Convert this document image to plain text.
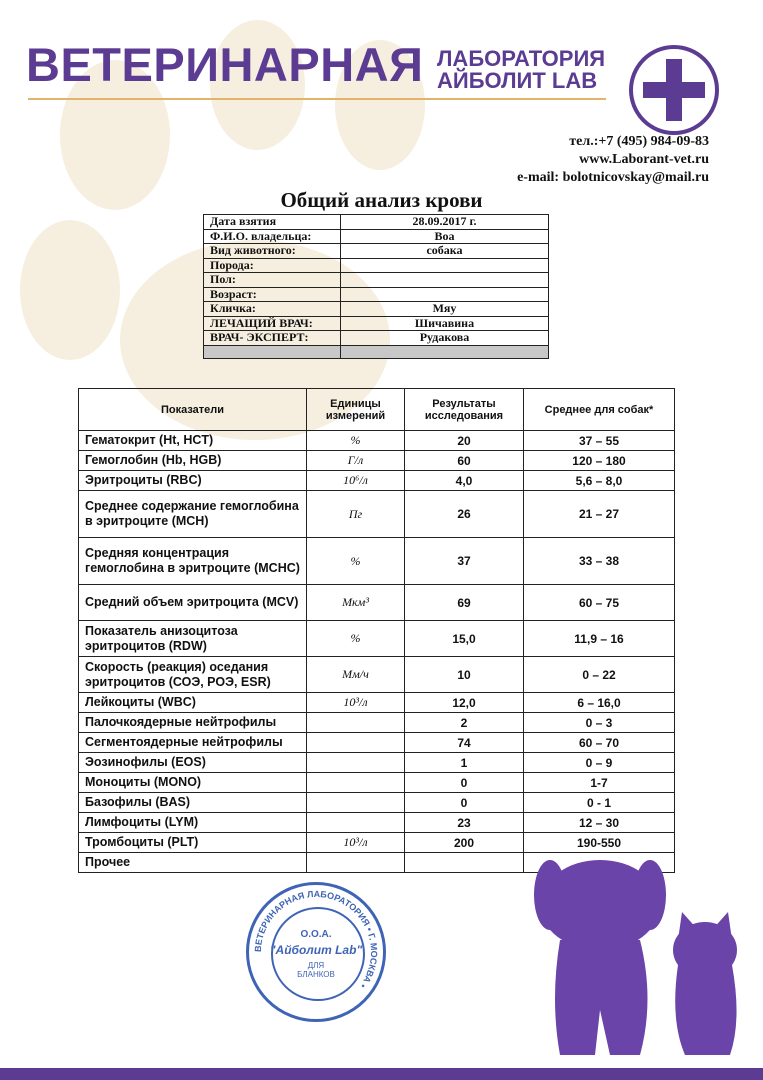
ВЕТЕРИНАРНАЯ ЛАБОРАТОРИЯ
АЙБОЛИТ LAB
тел.:+7 (495) 984-09-83
www.Laborant-vet.ru
e-mail: bolotnicovskay@mail.ru
Общий анализ крови
Дата взятия	28.09.2017 г.
Ф.И.О. владельца:	Воа
Вид животного:	собака
Порода:	
Пол:	
Возраст:	
Кличка:	Мяу
ЛЕЧАЩИЙ ВРАЧ:	Шичавина
ВРАЧ- ЭКСПЕРТ:	Рудакова

Показатели	Единицы измерений	Результаты исследования	Среднее для собак*
Гематокрит (Ht, HCT)	%	20	37 – 55
Гемоглобин (Hb, HGB)	Г/л	60	120 – 180
Эритроциты (RBC)	10⁶/л	4,0	5,6 – 8,0
Среднее содержание гемоглобина в эритроците (MCH)	Пг	26	21 – 27
Средняя концентрация гемоглобина в эритроците (MCHC)	%	37	33 – 38
Средний объем эритроцита (MCV)	Мкм³	69	60 – 75
Показатель анизоцитоза эритроцитов (RDW)	%	15,0	11,9 – 16
Скорость (реакция) оседания эритроцитов (СОЭ, РОЭ, ESR)	Мм/ч	10	0 – 22
Лейкоциты (WBC)	10³/л	12,0	6 – 16,0
Палочкоядерные нейтрофилы		2	0 – 3
Сегментоядерные нейтрофилы		74	60 – 70
Эозинофилы (EOS)		1	0 – 9
Моноциты (MONO)		0	1-7
Базофилы (BAS)		0	0 - 1
Лимфоциты (LYM)		23	12 – 30
Тромбоциты (PLT)	10³/л	200	190-550
Прочее			
ВЕТЕРИНАРНАЯ ЛАБОРАТОРИЯ • Г. МОСКВА •
О.О.А.
"Айболит Lab"
ДЛЯ
БЛАНКОВ
